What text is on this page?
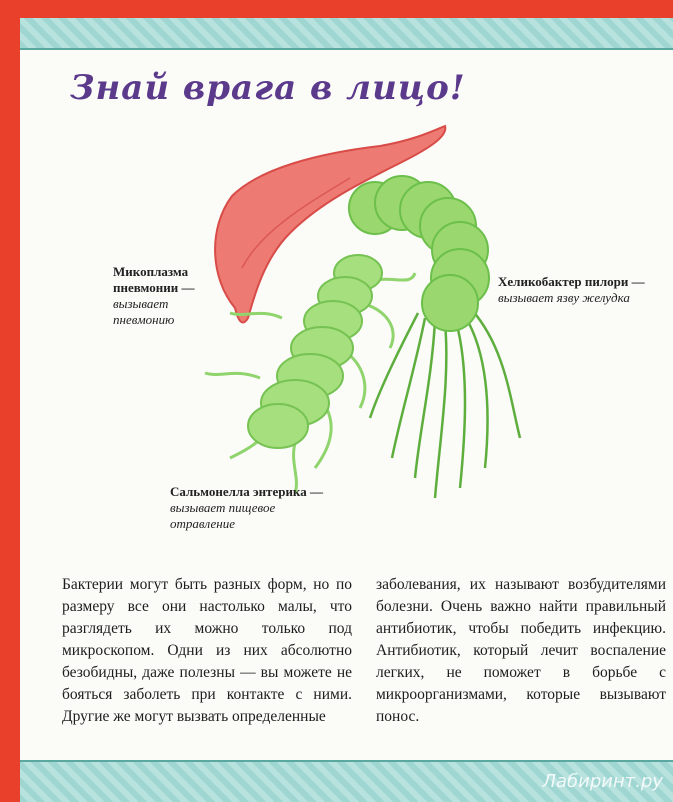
Знай врага в лицо!
Микоплазма пневмонии —
вызывает пневмонию
Хеликобактер пилори —
вызывает язву желудка
Сальмонелла энтерика —
вызывает пищевое отравление

Бактерии могут быть разных форм, но по размеру все они настолько малы, что разглядеть их можно только под микроскопом. Одни из них абсолютно безобидны, даже полезны — вы можете не бояться заболеть при контакте с ними. Другие же могут вызвать определенные

заболевания, их называют возбудителями болезни. Очень важно найти правильный антибиотик, чтобы победить инфекцию. Антибиотик, который лечит воспаление легких, не поможет в борьбе с микроорганизмами, которые вызывают понос.

Лабиринт.ру
